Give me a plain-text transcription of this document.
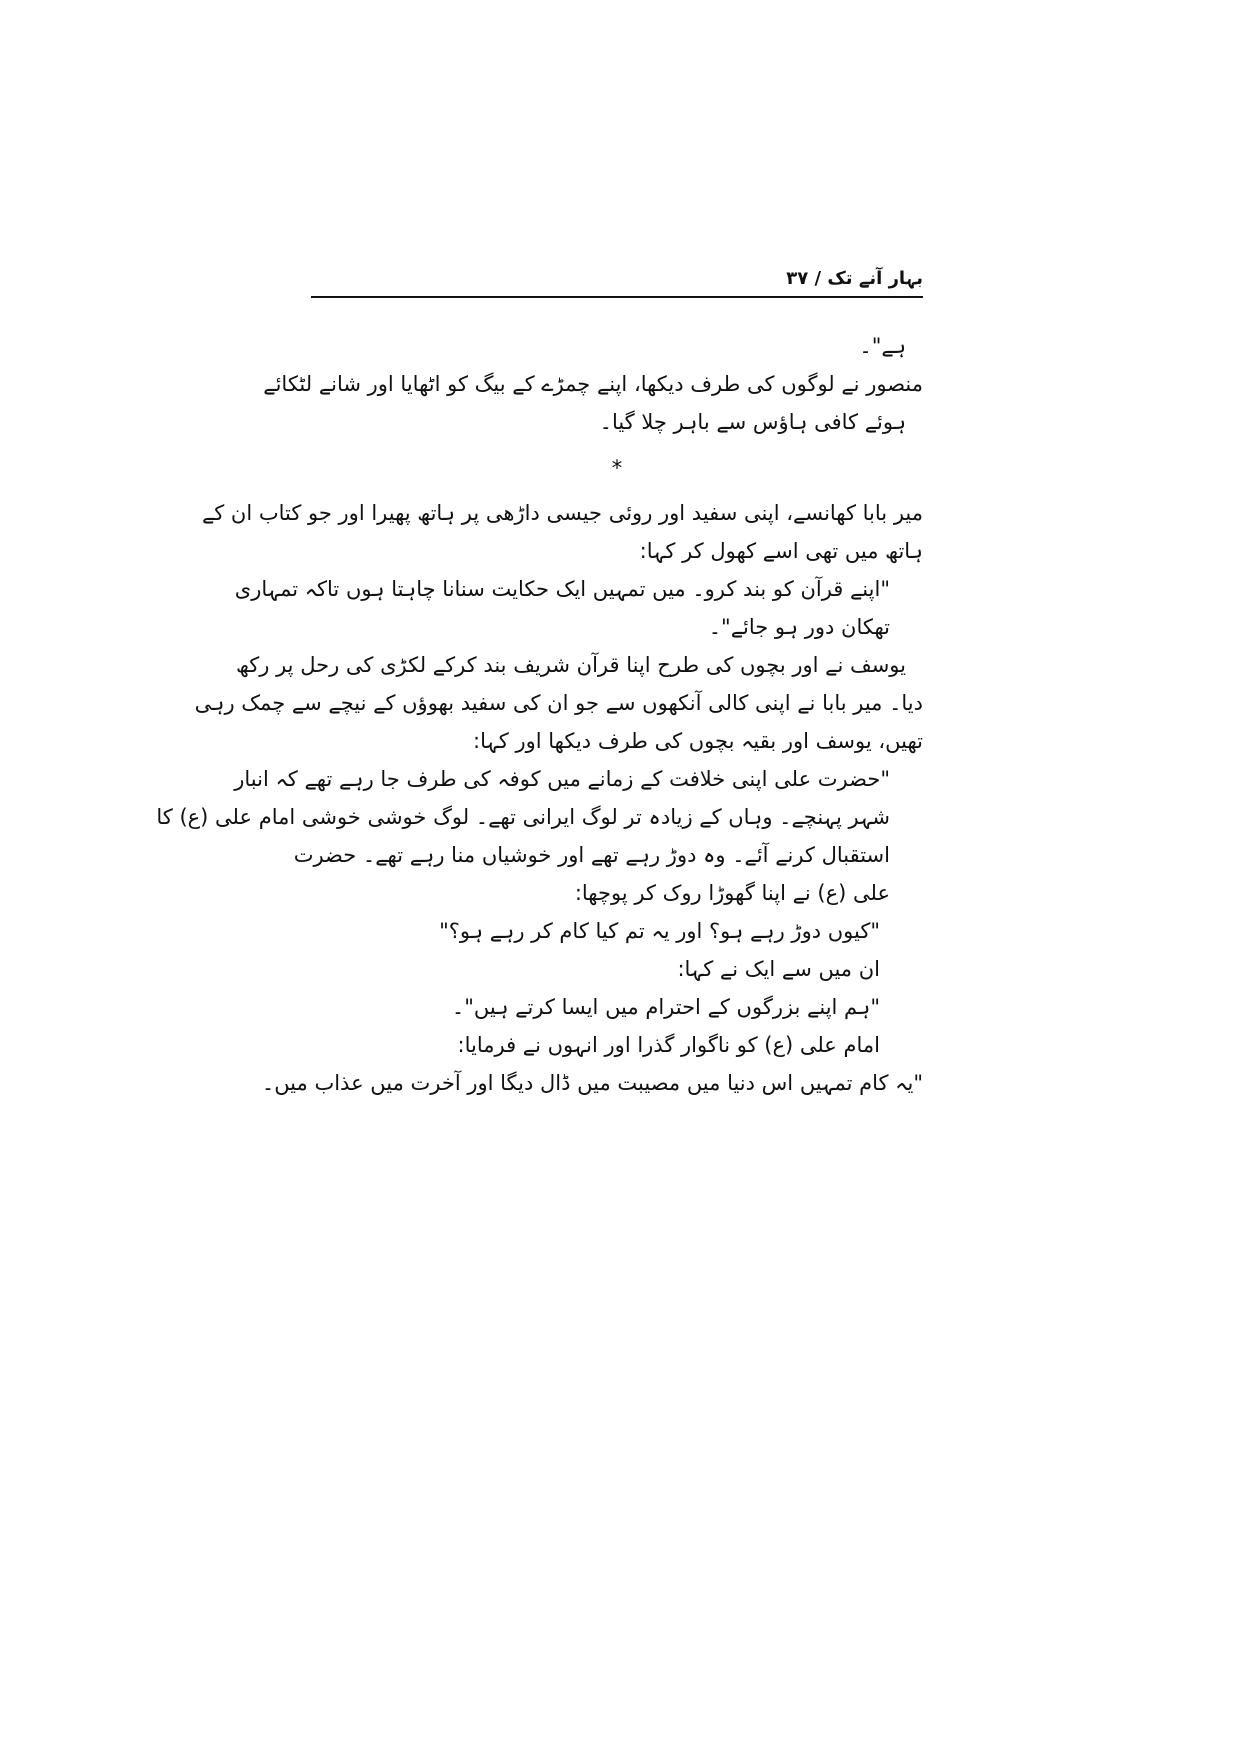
بہار آنے تک / ۳۷
ہے"۔
منصور نے لوگوں کی طرف دیکھا، اپنے چمڑے کے بیگ کو اٹھایا اور شانے لٹکائے
ہوئے کافی ہاؤس سے باہر چلا گیا۔
*
میر بابا کھانسے، اپنی سفید اور روئی جیسی داڑھی پر ہاتھ پھیرا اور جو کتاب ان کے
ہاتھ میں تھی اسے کھول کر کہا:
"اپنے قرآن کو بند کرو۔ میں تمہیں ایک حکایت سنانا چاہتا ہوں تاکہ تمہاری
تھکان دور ہو جائے"۔
یوسف نے اور بچوں کی طرح اپنا قرآن شریف بند کرکے لکڑی کی رحل پر رکھ
دیا۔ میر بابا نے اپنی کالی آنکھوں سے جو ان کی سفید بھوؤں کے نیچے سے چمک رہی
تھیں، یوسف اور بقیہ بچوں کی طرف دیکھا اور کہا:
"حضرت علی اپنی خلافت کے زمانے میں کوفہ کی طرف جا رہے تھے کہ انبار
شہر پہنچے۔ وہاں کے زیادہ تر لوگ ایرانی تھے۔ لوگ خوشی خوشی امام علی (ع) کا
استقبال کرنے آئے۔ وہ دوڑ رہے تھے اور خوشیاں منا رہے تھے۔ حضرت
علی (ع) نے اپنا گھوڑا روک کر پوچھا:
"کیوں دوڑ رہے ہو؟ اور یہ تم کیا کام کر رہے ہو؟"
ان میں سے ایک نے کہا:
"ہم اپنے بزرگوں کے احترام میں ایسا کرتے ہیں"۔
امام علی (ع) کو ناگوار گذرا اور انہوں نے فرمایا:
"یہ کام تمہیں اس دنیا میں مصیبت میں ڈال دیگا اور آخرت میں عذاب میں۔
